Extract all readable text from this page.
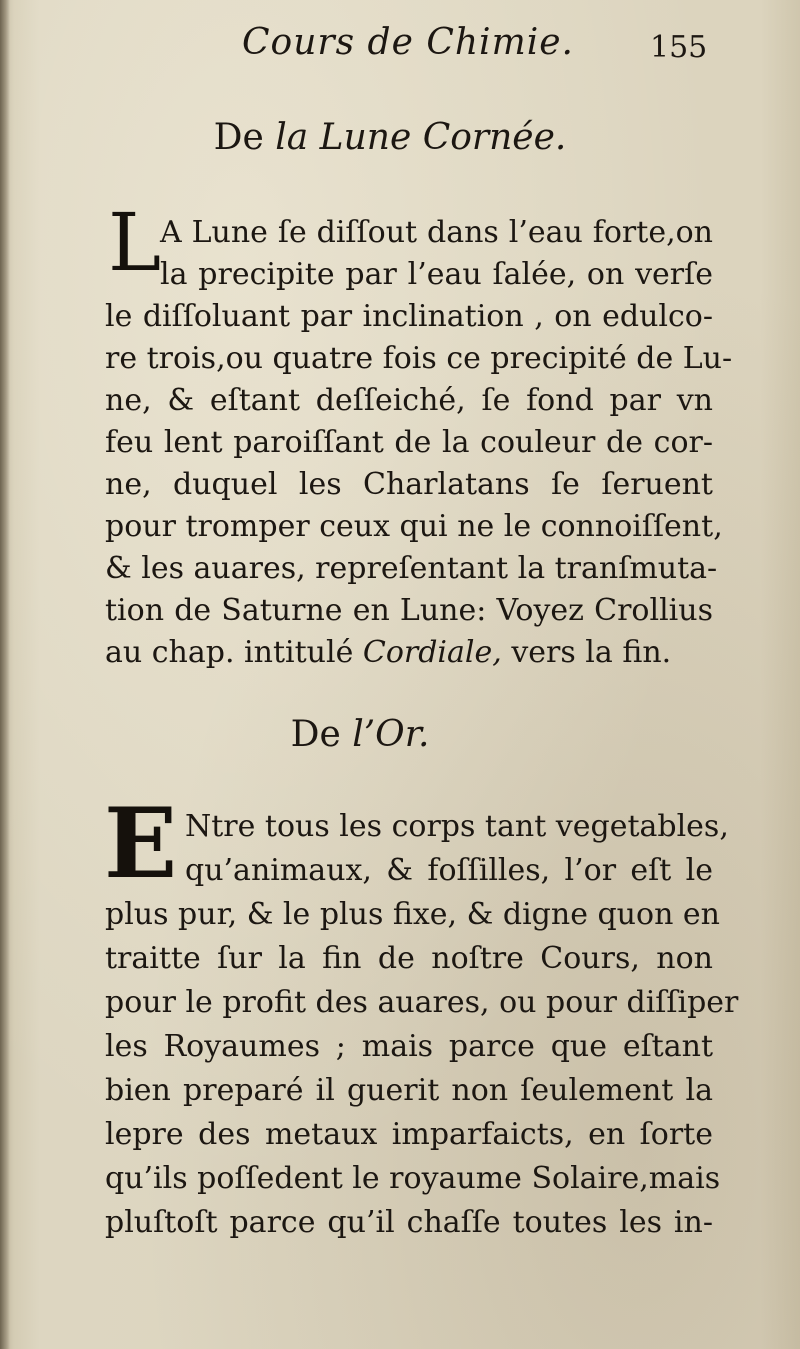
Cours de Chimie.	155
De la Lune Cornée.
L
A Lune ſe diſſout dans l’eau forte,on
la precipite par l’eau ſalée, on verſe
le diſſoluant par inclination , on edulco-
re trois,ou quatre fois ce precipité de Lu-
ne, & eſtant deſſeiché, ſe fond par vn
feu lent paroiſſant de la couleur de cor-
ne, duquel les Charlatans ſe ſeruent
pour tromper ceux qui ne le connoiſſent,
& les auares, repreſentant la tranſmuta-
tion de Saturne en Lune: Voyez Crollius
au chap. intitulé Cordiale, vers la fin.
De l’Or.
E Ntre tous les corps tant vegetables,
qu’animaux, & foſſilles, l’or eſt le
plus pur, & le plus fixe, & digne quon en
traitte ſur la fin de noſtre Cours, non
pour le profit des auares, ou pour diſſiper
les Royaumes ; mais parce que eſtant
bien preparé il guerit non ſeulement la
lepre des metaux imparfaicts, en ſorte
qu’ils poſſedent le royaume Solaire,mais
pluſtoſt parce qu’il chaſſe toutes les in-
